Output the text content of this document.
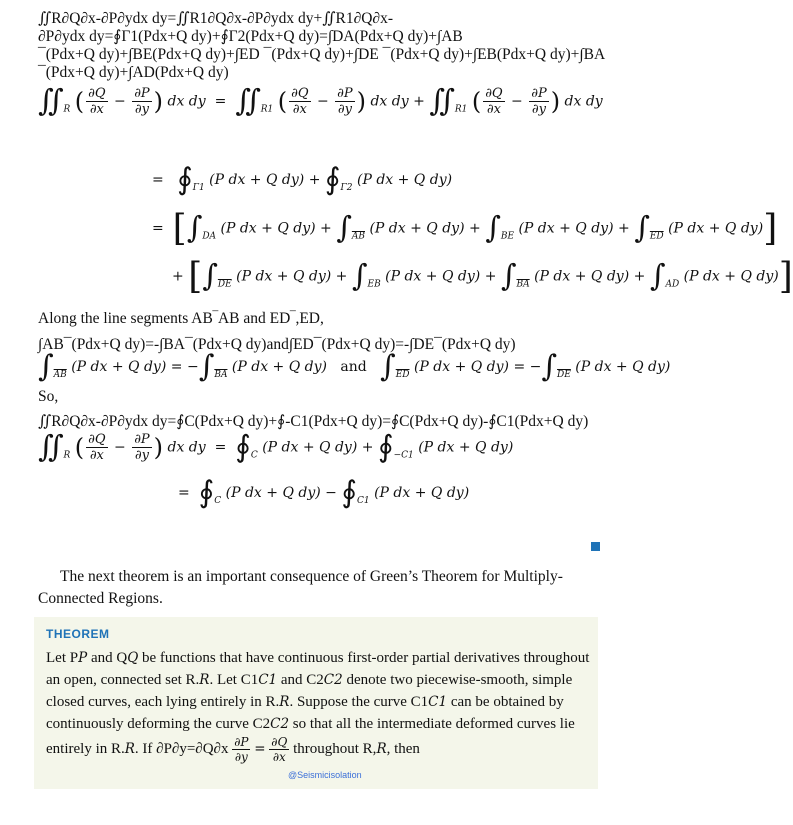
∬R∂Q∂x-∂P∂ydx dy=∬R1∂Q∂x-∂P∂ydx dy+∬R1∂Q∂x-
∂P∂ydx dy=∮Γ1(Pdx+Q dy)+∮Γ2(Pdx+Q dy)=∫DA(Pdx+Q dy)+∫AB
¯(Pdx+Q dy)+∫BE(Pdx+Q dy)+∫ED ¯(Pdx+Q dy)+∫DE ¯(Pdx+Q dy)+∫EB(Pdx+Q dy)+∫BA
¯(Pdx+Q dy)+∫AD(Pdx+Q dy)
$∬_R$ ( $\frac{\partial Q}{\partial x} - \frac{\partial P}{\partial y}$ ) dx dy = $∬_{R1}$ ( $\frac{\partial Q}{\partial x} - \frac{\partial P}{\partial y}$ ) dx dy + $∬_{R1}$ ( $\frac{\partial Q}{\partial x} - \frac{\partial P}{\partial y}$ ) dx dy
= $∮_{\Gamma 1}$ (P dx + Q $dy) + ∮_{\Gamma 2}$ (P dx + Q dy)
= [$\int_{DA}$ (P dx + Q $dy) + \int_{\overline{AB}}$ (P dx + Q $dy) + \int_{BE}$ (P dx + Q $dy) + \int_{\overline{ED}}$ (P dx + Q dy)]
+ [$\int_{\overline{DE}}$ (P dx + Q $dy) + \int_{EB}$ (P dx + Q $dy) + \int_{\overline{BA}}$ (P dx + Q $dy) + \int_{AD}$ (P dx + Q dy)]
Along the line segments AB‾AB and ED‾,ED,
∫AB¯(Pdx+Q dy)=-∫BA¯(Pdx+Q dy)and∫ED¯(Pdx+Q dy)=-∫DE¯(Pdx+Q dy)
$\int_{\overline{AB}}$ (P dx + Q $dy) = -\int_{\overline{BA}}$ (P dx + Q dy) and $\int_{\overline{ED}}$ (P dx + Q $dy) = -\int_{\overline{DE}}$ (P dx + Q dy)
So,
∬R∂Q∂x-∂P∂ydx dy=∮C(Pdx+Q dy)+∮-C1(Pdx+Q dy)=∮C(Pdx+Q dy)-∮C1(Pdx+Q dy)
$∬_R$ ( $\frac{\partial Q}{\partial x} - \frac{\partial P}{\partial y}$ ) dx dy = $∮_C$ (P dx + Q $dy) + ∮_{-C1}$ (P dx + Q dy)
= $∮_C$ (P dx + Q $dy) - ∮_{C1}$ (P dx + Q dy)
The next theorem is an important consequence of Green’s Theorem for Multiply-Connected Regions.
THEOREM
Let PP and QQ be functions that have continuous first-order partial derivatives throughout an open, connected set R.R. Let C1C1 and C2C2 denote two piecewise-smooth, simple closed curves, each lying entirely in R.R. Suppose the curve C1C1 can be obtained by continuously deforming the curve C2C2 so that all the intermediate deformed curves lie entirely in R.R. If $\partial P\partial y=\partial Q\partial x \frac{\partial P}{\partial y} = \frac{\partial Q}{\partial x}$ throughout R,R, then
@Seismicisolation
